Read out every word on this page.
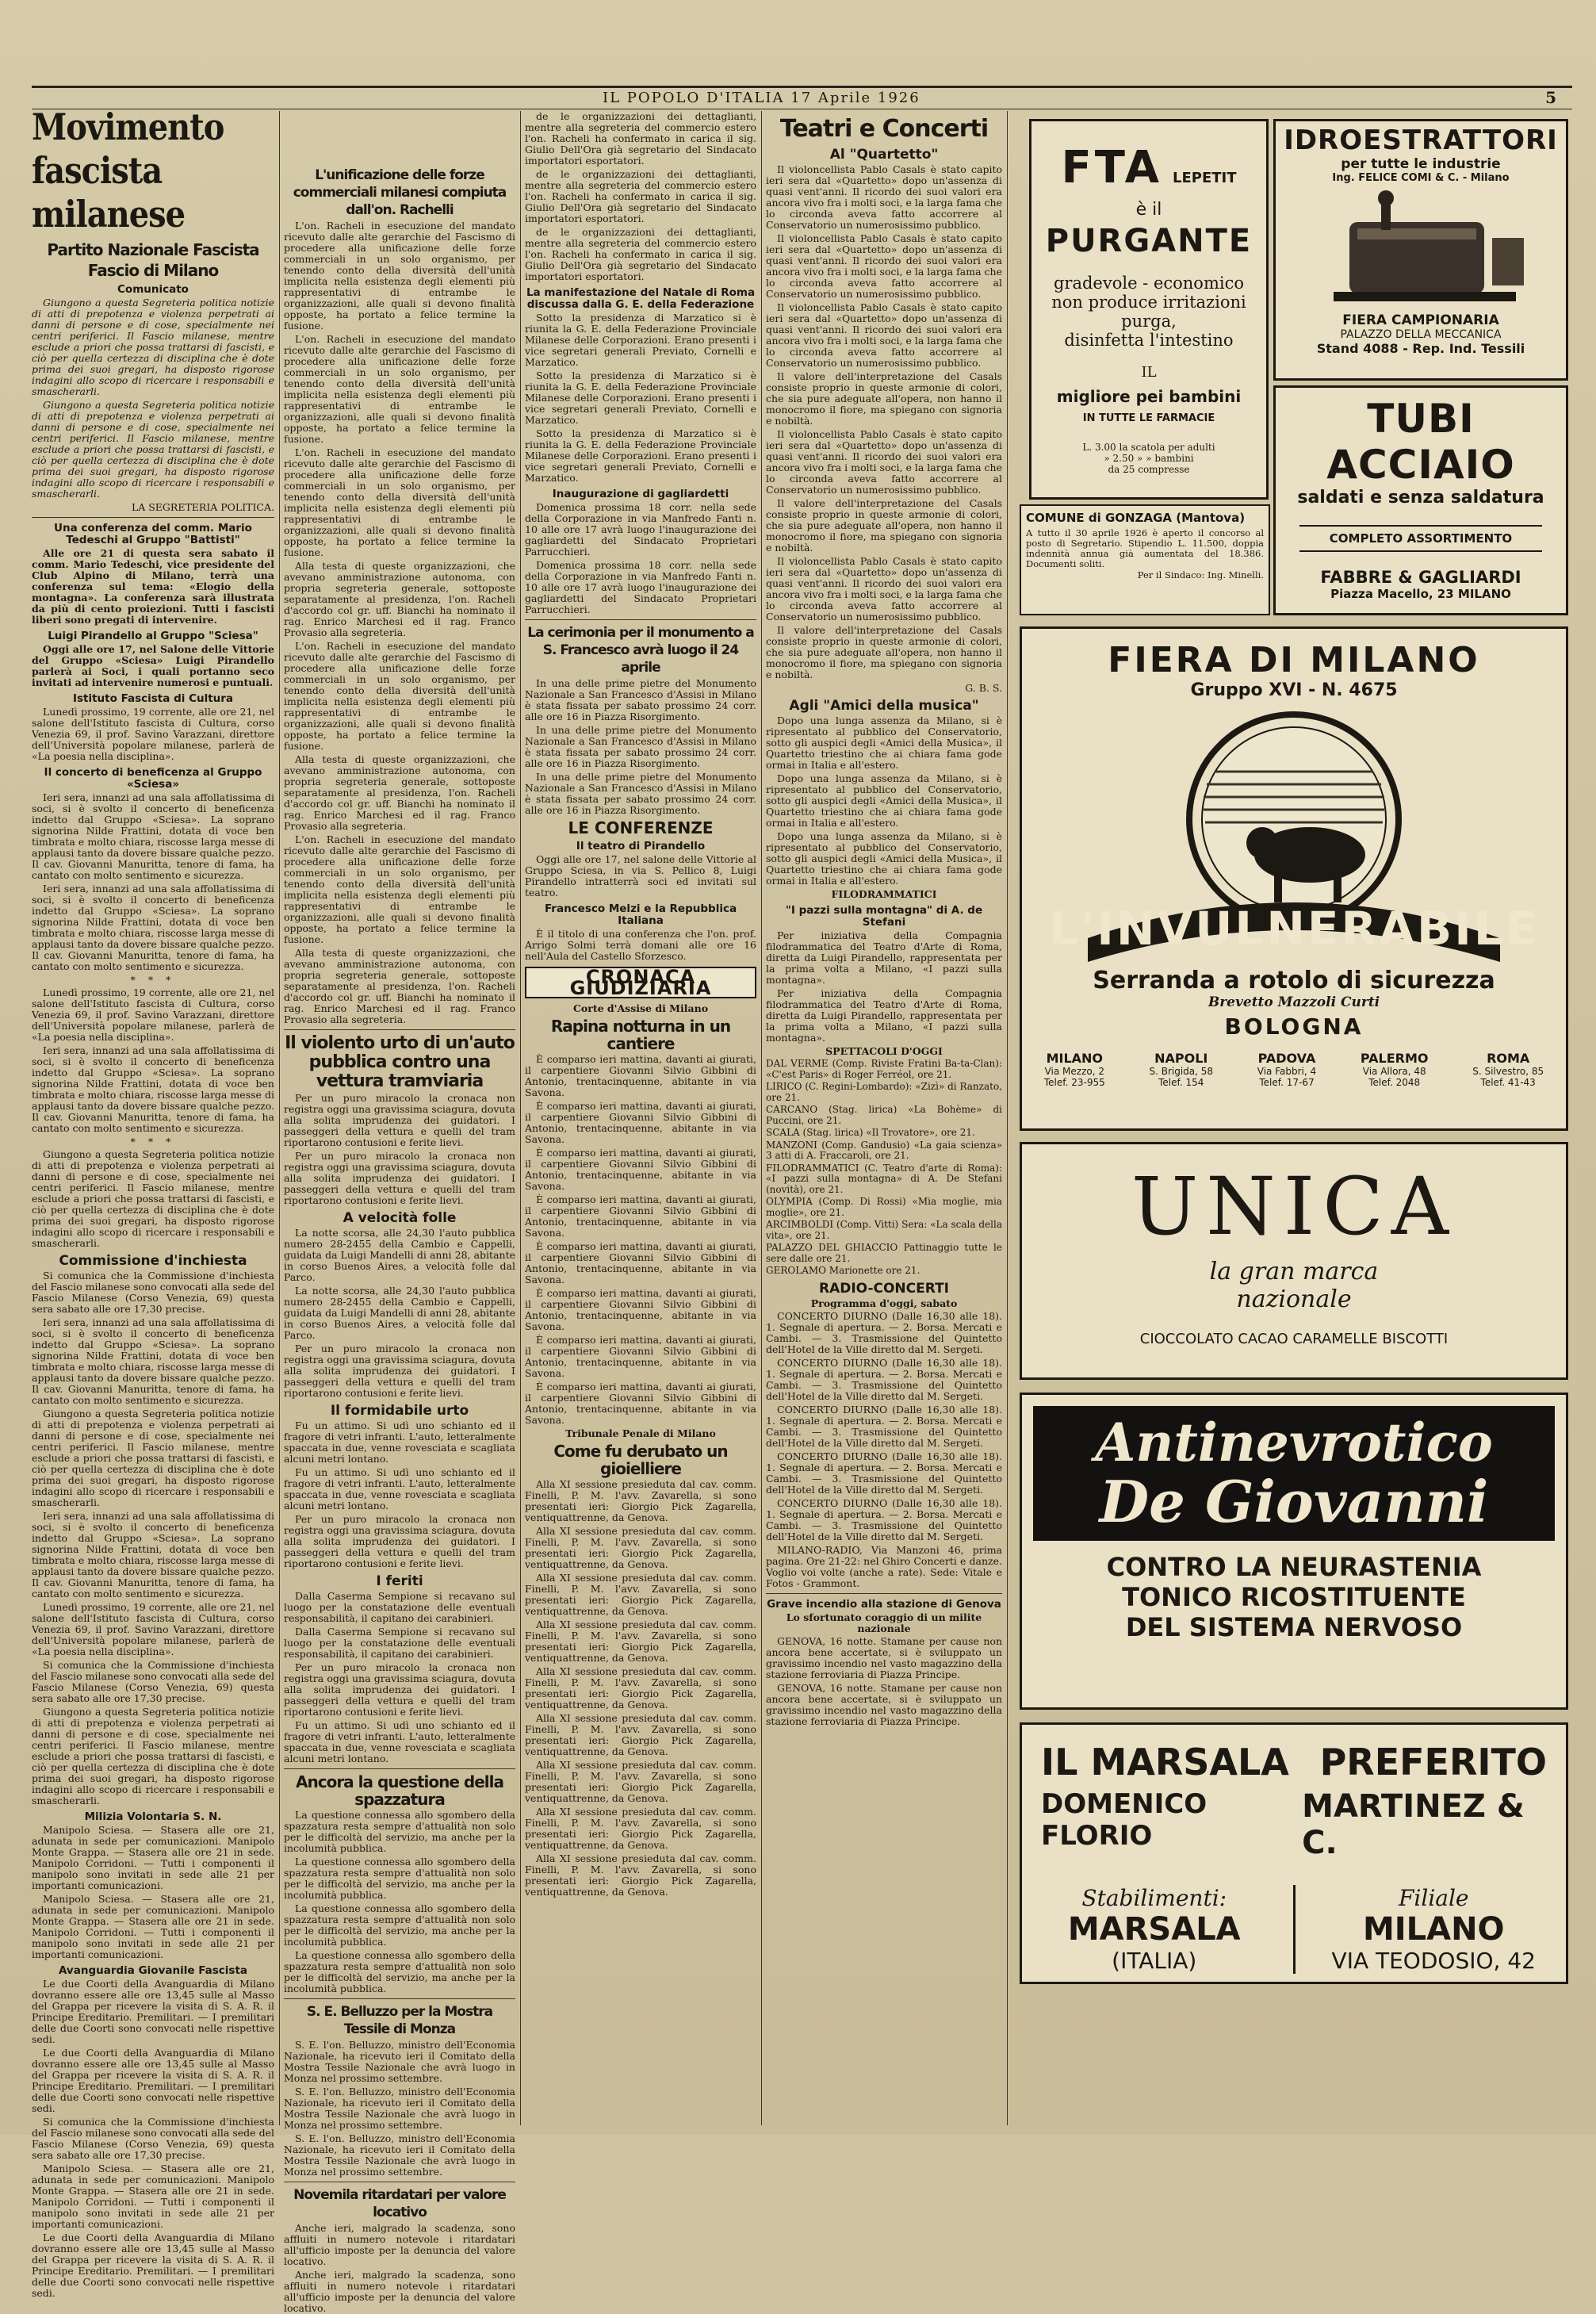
IL POPOLO D'ITALIA 17 Aprile 1926	5
Movimento fascista milanese
Partito Nazionale Fascista
Fascio di Milano
Comunicato

Giungono a questa Segreteria politica notizie di atti di prepotenza e violenza perpetrati ai danni di persone e di cose, specialmente nei centri periferici. Il Fascio milanese, mentre esclude a priori che possa trattarsi di fascisti, e ciò per quella certezza di disciplina che è dote prima dei suoi gregari, ha disposto rigorose indagini allo scopo di ricercare i responsabili e smascherarli.

Giungono a questa Segreteria politica notizie di atti di prepotenza e violenza perpetrati ai danni di persone e di cose, specialmente nei centri periferici. Il Fascio milanese, mentre esclude a priori che possa trattarsi di fascisti, e ciò per quella certezza di disciplina che è dote prima dei suoi gregari, ha disposto rigorose indagini allo scopo di ricercare i responsabili e smascherarli.

LA SEGRETERIA POLITICA.
Una conferenza del comm. Mario Tedeschi al Gruppo "Battisti"

Alle ore 21 di questa sera sabato il comm. Mario Tedeschi, vice presidente del Club Alpino di Milano, terrà una conferenza sul tema: «Elogio della montagna». La conferenza sarà illustrata da più di cento proiezioni. Tutti i fascisti liberi sono pregati di intervenire.

Luigi Pirandello al Gruppo "Sciesa"

Oggi alle ore 17, nel Salone delle Vittorie del Gruppo «Sciesa» Luigi Pirandello parlerà ai Soci, i quali portanno seco invitati ad intervenire numerosi e puntuali.

Istituto Fascista di Cultura

Lunedì prossimo, 19 corrente, alle ore 21, nel salone dell'Istituto fascista di Cultura, corso Venezia 69, il prof. Savino Varazzani, direttore dell'Università popolare milanese, parlerà de «La poesia nella disciplina».

Il concerto di beneficenza al Gruppo «Sciesa»

Ieri sera, innanzi ad una sala affollatissima di soci, si è svolto il concerto di beneficenza indetto dal Gruppo «Sciesa». La soprano signorina Nilde Frattini, dotata di voce ben timbrata e molto chiara, riscosse larga messe di applausi tanto da dovere bissare qualche pezzo. Il cav. Giovanni Manuritta, tenore di fama, ha cantato con molto sentimento e sicurezza.

Ieri sera, innanzi ad una sala affollatissima di soci, si è svolto il concerto di beneficenza indetto dal Gruppo «Sciesa». La soprano signorina Nilde Frattini, dotata di voce ben timbrata e molto chiara, riscosse larga messe di applausi tanto da dovere bissare qualche pezzo. Il cav. Giovanni Manuritta, tenore di fama, ha cantato con molto sentimento e sicurezza.

* * *

Lunedì prossimo, 19 corrente, alle ore 21, nel salone dell'Istituto fascista di Cultura, corso Venezia 69, il prof. Savino Varazzani, direttore dell'Università popolare milanese, parlerà de «La poesia nella disciplina».

Ieri sera, innanzi ad una sala affollatissima di soci, si è svolto il concerto di beneficenza indetto dal Gruppo «Sciesa». La soprano signorina Nilde Frattini, dotata di voce ben timbrata e molto chiara, riscosse larga messe di applausi tanto da dovere bissare qualche pezzo. Il cav. Giovanni Manuritta, tenore di fama, ha cantato con molto sentimento e sicurezza.

* * *

Giungono a questa Segreteria politica notizie di atti di prepotenza e violenza perpetrati ai danni di persone e di cose, specialmente nei centri periferici. Il Fascio milanese, mentre esclude a priori che possa trattarsi di fascisti, e ciò per quella certezza di disciplina che è dote prima dei suoi gregari, ha disposto rigorose indagini allo scopo di ricercare i responsabili e smascherarli.

Commissione d'inchiesta

Si comunica che la Commissione d'inchiesta del Fascio milanese sono convocati alla sede del Fascio Milanese (Corso Venezia, 69) questa sera sabato alle ore 17,30 precise.

Ieri sera, innanzi ad una sala affollatissima di soci, si è svolto il concerto di beneficenza indetto dal Gruppo «Sciesa». La soprano signorina Nilde Frattini, dotata di voce ben timbrata e molto chiara, riscosse larga messe di applausi tanto da dovere bissare qualche pezzo. Il cav. Giovanni Manuritta, tenore di fama, ha cantato con molto sentimento e sicurezza.

Giungono a questa Segreteria politica notizie di atti di prepotenza e violenza perpetrati ai danni di persone e di cose, specialmente nei centri periferici. Il Fascio milanese, mentre esclude a priori che possa trattarsi di fascisti, e ciò per quella certezza di disciplina che è dote prima dei suoi gregari, ha disposto rigorose indagini allo scopo di ricercare i responsabili e smascherarli.

Ieri sera, innanzi ad una sala affollatissima di soci, si è svolto il concerto di beneficenza indetto dal Gruppo «Sciesa». La soprano signorina Nilde Frattini, dotata di voce ben timbrata e molto chiara, riscosse larga messe di applausi tanto da dovere bissare qualche pezzo. Il cav. Giovanni Manuritta, tenore di fama, ha cantato con molto sentimento e sicurezza.

Lunedì prossimo, 19 corrente, alle ore 21, nel salone dell'Istituto fascista di Cultura, corso Venezia 69, il prof. Savino Varazzani, direttore dell'Università popolare milanese, parlerà de «La poesia nella disciplina».

Si comunica che la Commissione d'inchiesta del Fascio milanese sono convocati alla sede del Fascio Milanese (Corso Venezia, 69) questa sera sabato alle ore 17,30 precise.

Giungono a questa Segreteria politica notizie di atti di prepotenza e violenza perpetrati ai danni di persone e di cose, specialmente nei centri periferici. Il Fascio milanese, mentre esclude a priori che possa trattarsi di fascisti, e ciò per quella certezza di disciplina che è dote prima dei suoi gregari, ha disposto rigorose indagini allo scopo di ricercare i responsabili e smascherarli.

Milizia Volontaria S. N.

Manipolo Sciesa. — Stasera alle ore 21, adunata in sede per comunicazioni. Manipolo Monte Grappa. — Stasera alle ore 21 in sede. Manipolo Corridoni. — Tutti i componenti il manipolo sono invitati in sede alle 21 per importanti comunicazioni.

Manipolo Sciesa. — Stasera alle ore 21, adunata in sede per comunicazioni. Manipolo Monte Grappa. — Stasera alle ore 21 in sede. Manipolo Corridoni. — Tutti i componenti il manipolo sono invitati in sede alle 21 per importanti comunicazioni.

Avanguardia Giovanile Fascista

Le due Coorti della Avanguardia di Milano dovranno essere alle ore 13,45 sulle al Masso del Grappa per ricevere la visita di S. A. R. il Principe Ereditario. Premilitari. — I premilitari delle due Coorti sono convocati nelle rispettive sedi.

Le due Coorti della Avanguardia di Milano dovranno essere alle ore 13,45 sulle al Masso del Grappa per ricevere la visita di S. A. R. il Principe Ereditario. Premilitari. — I premilitari delle due Coorti sono convocati nelle rispettive sedi.

Si comunica che la Commissione d'inchiesta del Fascio milanese sono convocati alla sede del Fascio Milanese (Corso Venezia, 69) questa sera sabato alle ore 17,30 precise.

Manipolo Sciesa. — Stasera alle ore 21, adunata in sede per comunicazioni. Manipolo Monte Grappa. — Stasera alle ore 21 in sede. Manipolo Corridoni. — Tutti i componenti il manipolo sono invitati in sede alle 21 per importanti comunicazioni.

Le due Coorti della Avanguardia di Milano dovranno essere alle ore 13,45 sulle al Masso del Grappa per ricevere la visita di S. A. R. il Principe Ereditario. Premilitari. — I premilitari delle due Coorti sono convocati nelle rispettive sedi.

L'unificazione delle forze commerciali milanesi compiuta dall'on. Rachelli

L'on. Racheli in esecuzione del mandato ricevuto dalle alte gerarchie del Fascismo di procedere alla unificazione delle forze commerciali in un solo organismo, per tenendo conto della diversità dell'unità implicita nella esistenza degli elementi più rappresentativi di entrambe le organizzazioni, alle quali si devono finalità opposte, ha portato a felice termine la fusione.

L'on. Racheli in esecuzione del mandato ricevuto dalle alte gerarchie del Fascismo di procedere alla unificazione delle forze commerciali in un solo organismo, per tenendo conto della diversità dell'unità implicita nella esistenza degli elementi più rappresentativi di entrambe le organizzazioni, alle quali si devono finalità opposte, ha portato a felice termine la fusione.

L'on. Racheli in esecuzione del mandato ricevuto dalle alte gerarchie del Fascismo di procedere alla unificazione delle forze commerciali in un solo organismo, per tenendo conto della diversità dell'unità implicita nella esistenza degli elementi più rappresentativi di entrambe le organizzazioni, alle quali si devono finalità opposte, ha portato a felice termine la fusione.

Alla testa di queste organizzazioni, che avevano amministrazione autonoma, con propria segreteria generale, sottoposte separatamente al presidenza, l'on. Racheli d'accordo col gr. uff. Bianchi ha nominato il rag. Enrico Marchesi ed il rag. Franco Provasio alla segreteria.

L'on. Racheli in esecuzione del mandato ricevuto dalle alte gerarchie del Fascismo di procedere alla unificazione delle forze commerciali in un solo organismo, per tenendo conto della diversità dell'unità implicita nella esistenza degli elementi più rappresentativi di entrambe le organizzazioni, alle quali si devono finalità opposte, ha portato a felice termine la fusione.

Alla testa di queste organizzazioni, che avevano amministrazione autonoma, con propria segreteria generale, sottoposte separatamente al presidenza, l'on. Racheli d'accordo col gr. uff. Bianchi ha nominato il rag. Enrico Marchesi ed il rag. Franco Provasio alla segreteria.

L'on. Racheli in esecuzione del mandato ricevuto dalle alte gerarchie del Fascismo di procedere alla unificazione delle forze commerciali in un solo organismo, per tenendo conto della diversità dell'unità implicita nella esistenza degli elementi più rappresentativi di entrambe le organizzazioni, alle quali si devono finalità opposte, ha portato a felice termine la fusione.

Alla testa di queste organizzazioni, che avevano amministrazione autonoma, con propria segreteria generale, sottoposte separatamente al presidenza, l'on. Racheli d'accordo col gr. uff. Bianchi ha nominato il rag. Enrico Marchesi ed il rag. Franco Provasio alla segreteria.

Il violento urto di un'auto pubblica contro una vettura tramviaria

Per un puro miracolo la cronaca non registra oggi una gravissima sciagura, dovuta alla solita imprudenza dei guidatori. I passeggeri della vettura e quelli del tram riportarono contusioni e ferite lievi.

Per un puro miracolo la cronaca non registra oggi una gravissima sciagura, dovuta alla solita imprudenza dei guidatori. I passeggeri della vettura e quelli del tram riportarono contusioni e ferite lievi.

A velocità folle

La notte scorsa, alle 24,30 l'auto pubblica numero 28-2455 della Cambio e Cappelli, guidata da Luigi Mandelli di anni 28, abitante in corso Buenos Aires, a velocità folle dal Parco.

La notte scorsa, alle 24,30 l'auto pubblica numero 28-2455 della Cambio e Cappelli, guidata da Luigi Mandelli di anni 28, abitante in corso Buenos Aires, a velocità folle dal Parco.

Per un puro miracolo la cronaca non registra oggi una gravissima sciagura, dovuta alla solita imprudenza dei guidatori. I passeggeri della vettura e quelli del tram riportarono contusioni e ferite lievi.

Il formidabile urto

Fu un attimo. Si udì uno schianto ed il fragore di vetri infranti. L'auto, letteralmente spaccata in due, venne rovesciata e scagliata alcuni metri lontano.

Fu un attimo. Si udì uno schianto ed il fragore di vetri infranti. L'auto, letteralmente spaccata in due, venne rovesciata e scagliata alcuni metri lontano.

Per un puro miracolo la cronaca non registra oggi una gravissima sciagura, dovuta alla solita imprudenza dei guidatori. I passeggeri della vettura e quelli del tram riportarono contusioni e ferite lievi.

I feriti

Dalla Caserma Sempione si recavano sul luogo per la constatazione delle eventuali responsabilità, il capitano dei carabinieri.

Dalla Caserma Sempione si recavano sul luogo per la constatazione delle eventuali responsabilità, il capitano dei carabinieri.

Per un puro miracolo la cronaca non registra oggi una gravissima sciagura, dovuta alla solita imprudenza dei guidatori. I passeggeri della vettura e quelli del tram riportarono contusioni e ferite lievi.

Fu un attimo. Si udì uno schianto ed il fragore di vetri infranti. L'auto, letteralmente spaccata in due, venne rovesciata e scagliata alcuni metri lontano.

Ancora la questione della spazzatura

La questione connessa allo sgombero della spazzatura resta sempre d'attualità non solo per le difficoltà del servizio, ma anche per la incolumità pubblica.

La questione connessa allo sgombero della spazzatura resta sempre d'attualità non solo per le difficoltà del servizio, ma anche per la incolumità pubblica.

La questione connessa allo sgombero della spazzatura resta sempre d'attualità non solo per le difficoltà del servizio, ma anche per la incolumità pubblica.

La questione connessa allo sgombero della spazzatura resta sempre d'attualità non solo per le difficoltà del servizio, ma anche per la incolumità pubblica.

S. E. Belluzzo per la Mostra Tessile di Monza

S. E. l'on. Belluzzo, ministro dell'Economia Nazionale, ha ricevuto ieri il Comitato della Mostra Tessile Nazionale che avrà luogo in Monza nel prossimo settembre.

S. E. l'on. Belluzzo, ministro dell'Economia Nazionale, ha ricevuto ieri il Comitato della Mostra Tessile Nazionale che avrà luogo in Monza nel prossimo settembre.

S. E. l'on. Belluzzo, ministro dell'Economia Nazionale, ha ricevuto ieri il Comitato della Mostra Tessile Nazionale che avrà luogo in Monza nel prossimo settembre.

Novemila ritardatari per valore locativo

Anche ieri, malgrado la scadenza, sono affluiti in numero notevole i ritardatari all'ufficio imposte per la denuncia del valore locativo.

Anche ieri, malgrado la scadenza, sono affluiti in numero notevole i ritardatari all'ufficio imposte per la denuncia del valore locativo.

de le organizzazioni dei dettaglianti, mentre alla segreteria del commercio estero l'on. Racheli ha confermato in carica il sig. Giulio Dell'Ora già segretario del Sindacato importatori esportatori.

de le organizzazioni dei dettaglianti, mentre alla segreteria del commercio estero l'on. Racheli ha confermato in carica il sig. Giulio Dell'Ora già segretario del Sindacato importatori esportatori.

de le organizzazioni dei dettaglianti, mentre alla segreteria del commercio estero l'on. Racheli ha confermato in carica il sig. Giulio Dell'Ora già segretario del Sindacato importatori esportatori.

La manifestazione del Natale di Roma discussa dalla G. E. della Federazione

Sotto la presidenza di Marzatico si è riunita la G. E. della Federazione Provinciale Milanese delle Corporazioni. Erano presenti i vice segretari generali Previato, Cornelli e Marzatico.

Sotto la presidenza di Marzatico si è riunita la G. E. della Federazione Provinciale Milanese delle Corporazioni. Erano presenti i vice segretari generali Previato, Cornelli e Marzatico.

Sotto la presidenza di Marzatico si è riunita la G. E. della Federazione Provinciale Milanese delle Corporazioni. Erano presenti i vice segretari generali Previato, Cornelli e Marzatico.

Inaugurazione di gagliardetti

Domenica prossima 18 corr. nella sede della Corporazione in via Manfredo Fanti n. 10 alle ore 17 avrà luogo l'inaugurazione dei gagliardetti del Sindacato Proprietari Parrucchieri.

Domenica prossima 18 corr. nella sede della Corporazione in via Manfredo Fanti n. 10 alle ore 17 avrà luogo l'inaugurazione dei gagliardetti del Sindacato Proprietari Parrucchieri.

La cerimonia per il monumento a S. Francesco avrà luogo il 24 aprile

In una delle prime pietre del Monumento Nazionale a San Francesco d'Assisi in Milano è stata fissata per sabato prossimo 24 corr. alle ore 16 in Piazza Risorgimento.

In una delle prime pietre del Monumento Nazionale a San Francesco d'Assisi in Milano è stata fissata per sabato prossimo 24 corr. alle ore 16 in Piazza Risorgimento.

In una delle prime pietre del Monumento Nazionale a San Francesco d'Assisi in Milano è stata fissata per sabato prossimo 24 corr. alle ore 16 in Piazza Risorgimento.

LE CONFERENZE
Il teatro di Pirandello

Oggi alle ore 17, nel salone delle Vittorie al Gruppo Sciesa, in via S. Pellico 8, Luigi Pirandello intratterrà soci ed invitati sul teatro.

Francesco Melzi e la Repubblica Italiana

È il titolo di una conferenza che l'on. prof. Arrigo Solmi terrà domani alle ore 16 nell'Aula del Castello Sforzesco.

CRONACA GIUDIZIARIA
Corte d'Assise di Milano
Rapina notturna in un cantiere

È comparso ieri mattina, davanti ai giurati, il carpentiere Giovanni Silvio Gibbini di Antonio, trentacinquenne, abitante in via Savona.

È comparso ieri mattina, davanti ai giurati, il carpentiere Giovanni Silvio Gibbini di Antonio, trentacinquenne, abitante in via Savona.

È comparso ieri mattina, davanti ai giurati, il carpentiere Giovanni Silvio Gibbini di Antonio, trentacinquenne, abitante in via Savona.

È comparso ieri mattina, davanti ai giurati, il carpentiere Giovanni Silvio Gibbini di Antonio, trentacinquenne, abitante in via Savona.

È comparso ieri mattina, davanti ai giurati, il carpentiere Giovanni Silvio Gibbini di Antonio, trentacinquenne, abitante in via Savona.

È comparso ieri mattina, davanti ai giurati, il carpentiere Giovanni Silvio Gibbini di Antonio, trentacinquenne, abitante in via Savona.

È comparso ieri mattina, davanti ai giurati, il carpentiere Giovanni Silvio Gibbini di Antonio, trentacinquenne, abitante in via Savona.

È comparso ieri mattina, davanti ai giurati, il carpentiere Giovanni Silvio Gibbini di Antonio, trentacinquenne, abitante in via Savona.

Tribunale Penale di Milano
Come fu derubato un gioielliere

Alla XI sessione presieduta dal cav. comm. Finelli, P. M. l'avv. Zavarella, si sono presentati ieri: Giorgio Pick Zagarella, ventiquattrenne, da Genova.

Alla XI sessione presieduta dal cav. comm. Finelli, P. M. l'avv. Zavarella, si sono presentati ieri: Giorgio Pick Zagarella, ventiquattrenne, da Genova.

Alla XI sessione presieduta dal cav. comm. Finelli, P. M. l'avv. Zavarella, si sono presentati ieri: Giorgio Pick Zagarella, ventiquattrenne, da Genova.

Alla XI sessione presieduta dal cav. comm. Finelli, P. M. l'avv. Zavarella, si sono presentati ieri: Giorgio Pick Zagarella, ventiquattrenne, da Genova.

Alla XI sessione presieduta dal cav. comm. Finelli, P. M. l'avv. Zavarella, si sono presentati ieri: Giorgio Pick Zagarella, ventiquattrenne, da Genova.

Alla XI sessione presieduta dal cav. comm. Finelli, P. M. l'avv. Zavarella, si sono presentati ieri: Giorgio Pick Zagarella, ventiquattrenne, da Genova.

Alla XI sessione presieduta dal cav. comm. Finelli, P. M. l'avv. Zavarella, si sono presentati ieri: Giorgio Pick Zagarella, ventiquattrenne, da Genova.

Alla XI sessione presieduta dal cav. comm. Finelli, P. M. l'avv. Zavarella, si sono presentati ieri: Giorgio Pick Zagarella, ventiquattrenne, da Genova.

Alla XI sessione presieduta dal cav. comm. Finelli, P. M. l'avv. Zavarella, si sono presentati ieri: Giorgio Pick Zagarella, ventiquattrenne, da Genova.

Teatri e Concerti
Al "Quartetto"

Il violoncellista Pablo Casals è stato capito ieri sera dal «Quartetto» dopo un'assenza di quasi vent'anni. Il ricordo dei suoi valori era ancora vivo fra i molti soci, e la larga fama che lo circonda aveva fatto accorrere al Conservatorio un numerosissimo pubblico.

Il violoncellista Pablo Casals è stato capito ieri sera dal «Quartetto» dopo un'assenza di quasi vent'anni. Il ricordo dei suoi valori era ancora vivo fra i molti soci, e la larga fama che lo circonda aveva fatto accorrere al Conservatorio un numerosissimo pubblico.

Il violoncellista Pablo Casals è stato capito ieri sera dal «Quartetto» dopo un'assenza di quasi vent'anni. Il ricordo dei suoi valori era ancora vivo fra i molti soci, e la larga fama che lo circonda aveva fatto accorrere al Conservatorio un numerosissimo pubblico.

Il valore dell'interpretazione del Casals consiste proprio in queste armonie di colori, che sia pure adeguate all'opera, non hanno il monocromo il fiore, ma spiegano con signoria e nobiltà.

Il violoncellista Pablo Casals è stato capito ieri sera dal «Quartetto» dopo un'assenza di quasi vent'anni. Il ricordo dei suoi valori era ancora vivo fra i molti soci, e la larga fama che lo circonda aveva fatto accorrere al Conservatorio un numerosissimo pubblico.

Il valore dell'interpretazione del Casals consiste proprio in queste armonie di colori, che sia pure adeguate all'opera, non hanno il monocromo il fiore, ma spiegano con signoria e nobiltà.

Il violoncellista Pablo Casals è stato capito ieri sera dal «Quartetto» dopo un'assenza di quasi vent'anni. Il ricordo dei suoi valori era ancora vivo fra i molti soci, e la larga fama che lo circonda aveva fatto accorrere al Conservatorio un numerosissimo pubblico.

Il valore dell'interpretazione del Casals consiste proprio in queste armonie di colori, che sia pure adeguate all'opera, non hanno il monocromo il fiore, ma spiegano con signoria e nobiltà.

G. B. S.
Agli "Amici della musica"

Dopo una lunga assenza da Milano, si è ripresentato al pubblico del Conservatorio, sotto gli auspici degli «Amici della Musica», il Quartetto triestino che ai chiara fama gode ormai in Italia e all'estero.

Dopo una lunga assenza da Milano, si è ripresentato al pubblico del Conservatorio, sotto gli auspici degli «Amici della Musica», il Quartetto triestino che ai chiara fama gode ormai in Italia e all'estero.

Dopo una lunga assenza da Milano, si è ripresentato al pubblico del Conservatorio, sotto gli auspici degli «Amici della Musica», il Quartetto triestino che ai chiara fama gode ormai in Italia e all'estero.

FILODRAMMATICI
"I pazzi sulla montagna" di A. de Stefani

Per iniziativa della Compagnia filodrammatica del Teatro d'Arte di Roma, diretta da Luigi Pirandello, rappresentata per la prima volta a Milano, «I pazzi sulla montagna».

Per iniziativa della Compagnia filodrammatica del Teatro d'Arte di Roma, diretta da Luigi Pirandello, rappresentata per la prima volta a Milano, «I pazzi sulla montagna».

SPETTACOLI D'OGGI
DAL VERME (Comp. Riviste Fratini Ba-ta-Clan): «C'est Paris» di Roger Ferréol, ore 21.
LIRICO (C. Regini-Lombardo): «Zizì» di Ranzato, ore 21.
CARCANO (Stag. lirica) «La Bohème» di Puccini, ore 21.
SCALA (Stag. lirica) «Il Trovatore», ore 21.
MANZONI (Comp. Gandusio) «La gaia scienza» 3 atti di A. Fraccaroli, ore 21.
FILODRAMMATICI (C. Teatro d'arte di Roma): «I pazzi sulla montagna» di A. De Stefani (novità), ore 21.
OLYMPIA (Comp. Di Rossi) «Mia moglie, mia moglie», ore 21.
ARCIMBOLDI (Comp. Vitti) Sera: «La scala della vita», ore 21.
PALAZZO DEL GHIACCIO Pattinaggio tutte le sere dalle ore 21.
GEROLAMO Marionette ore 21.
RADIO-CONCERTI
Programma d'oggi, sabato

CONCERTO DIURNO (Dalle 16,30 alle 18). 1. Segnale di apertura. — 2. Borsa. Mercati e Cambi. — 3. Trasmissione del Quintetto dell'Hotel de la Ville diretto dal M. Sergeti.

CONCERTO DIURNO (Dalle 16,30 alle 18). 1. Segnale di apertura. — 2. Borsa. Mercati e Cambi. — 3. Trasmissione del Quintetto dell'Hotel de la Ville diretto dal M. Sergeti.

CONCERTO DIURNO (Dalle 16,30 alle 18). 1. Segnale di apertura. — 2. Borsa. Mercati e Cambi. — 3. Trasmissione del Quintetto dell'Hotel de la Ville diretto dal M. Sergeti.

CONCERTO DIURNO (Dalle 16,30 alle 18). 1. Segnale di apertura. — 2. Borsa. Mercati e Cambi. — 3. Trasmissione del Quintetto dell'Hotel de la Ville diretto dal M. Sergeti.

CONCERTO DIURNO (Dalle 16,30 alle 18). 1. Segnale di apertura. — 2. Borsa. Mercati e Cambi. — 3. Trasmissione del Quintetto dell'Hotel de la Ville diretto dal M. Sergeti.

MILANO-RADIO, Via Manzoni 46, prima pagina. Ore 21-22: nel Ghiro Concerti e danze. Voglio voi volte (anche a rate). Sede: Vitale e Fotos - Grammont.

Grave incendio alla stazione di Genova
Lo sfortunato coraggio di un milite nazionale

GENOVA, 16 notte. Stamane per cause non ancora bene accertate, si è sviluppato un gravissimo incendio nel vasto magazzino della stazione ferroviaria di Piazza Principe.

GENOVA, 16 notte. Stamane per cause non ancora bene accertate, si è sviluppato un gravissimo incendio nel vasto magazzino della stazione ferroviaria di Piazza Principe.

FTA LEPETIT
è il
PURGANTE
gradevole - economico
non produce irritazioni
purga,
disinfetta l'intestino
IL
migliore pei bambini
IN TUTTE LE FARMACIE
L. 3.00 la scatola per adulti
» 2.50 » » bambini
da 25 compresse
IDROESTRATTORI
per tutte le industrie
Ing. FELICE COMI & C. - Milano
FIERA CAMPIONARIA
PALAZZO DELLA MECCANICA
Stand 4088 - Rep. Ind. Tessili
TUBI ACCIAIO
saldati e senza saldatura
COMPLETO ASSORTIMENTO
FABBRE & GAGLIARDI
Piazza Macello, 23 MILANO
COMUNE di GONZAGA (Mantova)
A tutto il 30 aprile 1926 è aperto il concorso al posto di Segretario. Stipendio L. 11.500, doppia indennità annua già aumentata del 18.386. Documenti soliti.
Per il Sindaco: Ing. Minelli.
FIERA DI MILANO
Gruppo XVI - N. 4675
L'INVULNERABILE
Serranda a rotolo di sicurezza
Brevetto Mazzoli Curti
BOLOGNA
MILANO
Via Mezzo, 2
Telef. 23-955
NAPOLI
S. Brigida, 58
Telef. 154
PADOVA
Via Fabbri, 4
Telef. 17-67
PALERMO
Via Allora, 48
Telef. 2048
ROMA
S. Silvestro, 85
Telef. 41-43
UNICA
la gran marca
nazionale
CIOCCOLATO CACAO CARAMELLE BISCOTTI
Antinevrotico
De Giovanni
CONTRO LA NEURASTENIA
TONICO RICOSTITUENTE
DEL SISTEMA NERVOSO
IL MARSALA PREFERITO
DOMENICO FLORIO
MARTINEZ & C.
Stabilimenti:
MARSALA
(ITALIA)
Filiale
MILANO
VIA TEODOSIO, 42
